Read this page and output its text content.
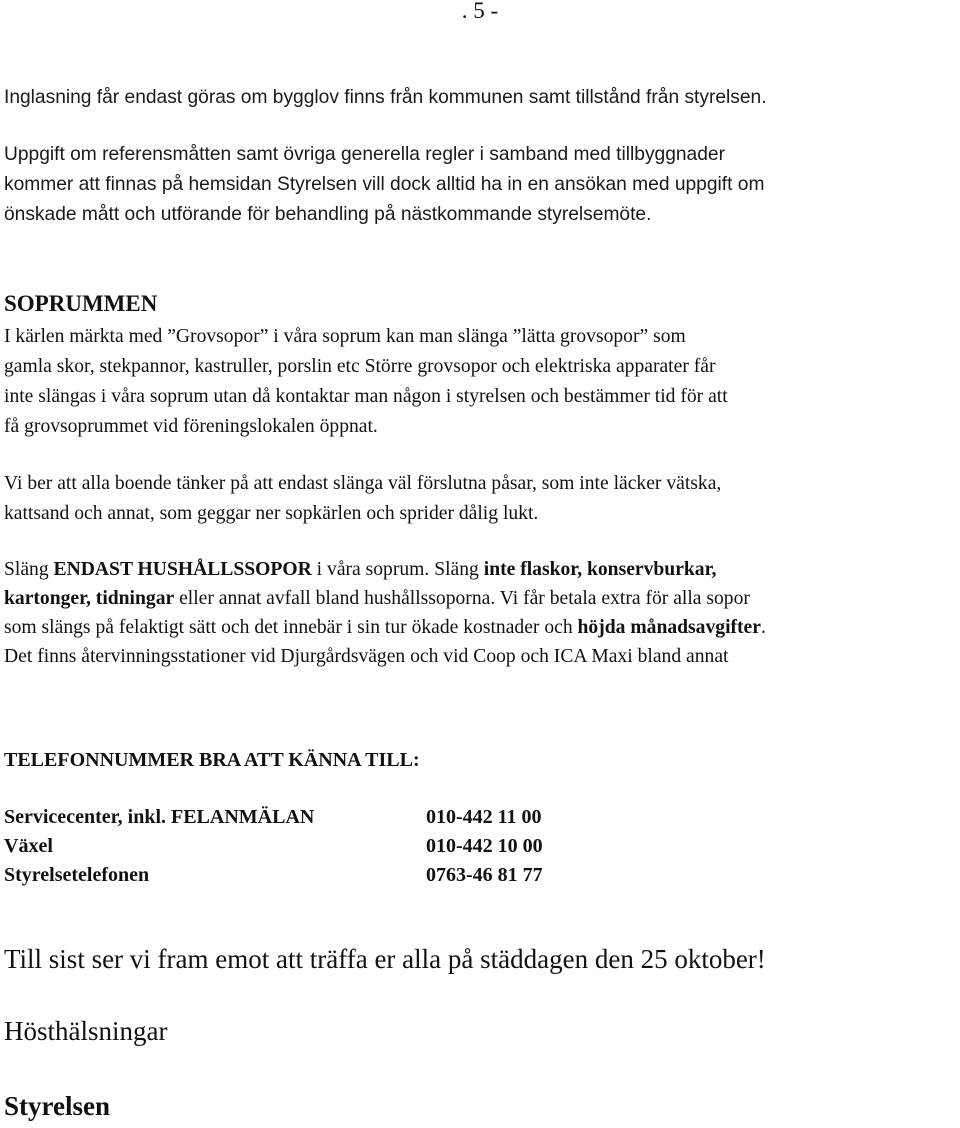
. 5 -
Inglasning får endast göras om bygglov finns från kommunen samt tillstånd från styrelsen.
Uppgift om referensmåtten samt övriga generella regler i samband med tillbyggnader
kommer att finnas på hemsidan Styrelsen vill dock alltid ha in en ansökan med uppgift om
önskade mått och utförande för behandling på nästkommande styrelsemöte.
SOPRUMMEN
I kärlen märkta med ”Grovsopor” i våra soprum kan man slänga ”lätta grovsopor” som
gamla skor, stekpannor, kastruller, porslin etc Större grovsopor och elektriska apparater får
inte slängas i våra soprum utan då kontaktar man någon i styrelsen och bestämmer tid för att
få grovsoprummet vid föreningslokalen öppnat.
Vi ber att alla boende tänker på att endast slänga väl förslutna påsar, som inte läcker vätska,
kattsand och annat, som geggar ner sopkärlen och sprider dålig lukt.
Släng ENDAST HUSHÅLLSSOPOR i våra soprum. Släng inte flaskor, konservburkar,
kartonger, tidningar eller annat avfall bland hushållssoporna. Vi får betala extra för alla sopor
som slängs på felaktigt sätt och det innebär i sin tur ökade kostnader och höjda månadsavgifter.
Det finns återvinningsstationer vid Djurgårdsvägen och vid Coop och ICA Maxi bland annat
TELEFONNUMMER BRA ATT KÄNNA TILL:
Servicecenter, inkl. FELANMÄLAN	010-442 11 00
Växel	010-442 10 00
Styrelsetelefonen	0763-46 81 77
Till sist ser vi fram emot att träffa er alla på städdagen den 25 oktober!
Hösthälsningar
Styrelsen
